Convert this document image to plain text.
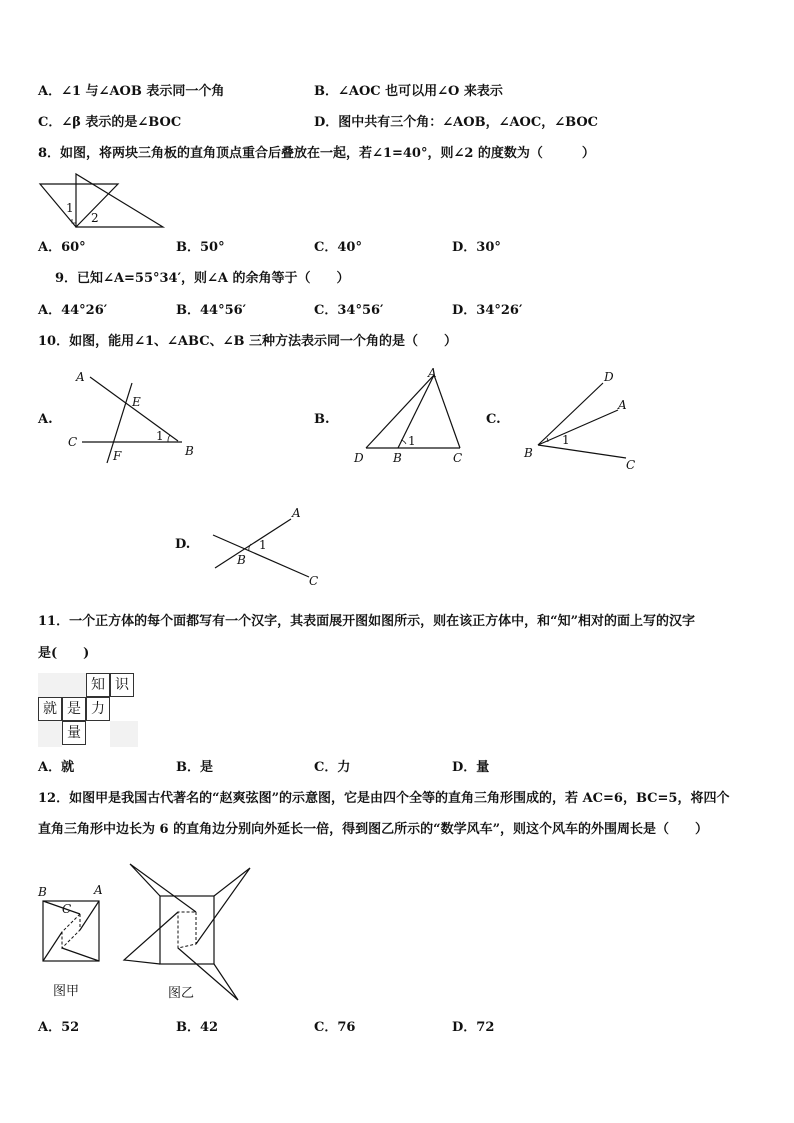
A．∠1 与∠AOB 表示同一个角	B．∠AOC 也可以用∠O 来表示
C．∠β 表示的是∠BOC	D．图中共有三个角：∠AOB，∠AOC，∠BOC
8．如图，将两块三角板的直角顶点重合后叠放在一起，若∠1=40°，则∠2 的度数为（　　　）
1
2
A．60°	B．50°	C．40°	D．30°
9．已知∠A=55°34′，则∠A 的余角等于（　　）
A．44°26′	B．44°56′	C．34°56′	D．34°26′
10．如图，能用∠1、∠ABC、∠B 三种方法表示同一个角的是（　　）
A.
A
E
C	1
B
F
B.
A
1
D B	C
C.
D
A
1
B
C
D.
A
1
B
C
11．一个正方体的每个面都写有一个汉字，其表面展开图如图所示，则在该正方体中，和“知”相对的面上写的汉字
是(　　)
知 识
就 是 力
量
A．就	B．是	C．力	D．量
12．如图甲是我国古代著名的“赵爽弦图”的示意图，它是由四个全等的直角三角形围成的，若 AC=6，BC=5，将四个
直角三角形中边长为 6 的直角边分别向外延长一倍，得到图乙所示的“数学风车”，则这个风车的外围周长是（　　）
B	A
C
图甲	图乙
A．52	B．42	C．76	D．72
